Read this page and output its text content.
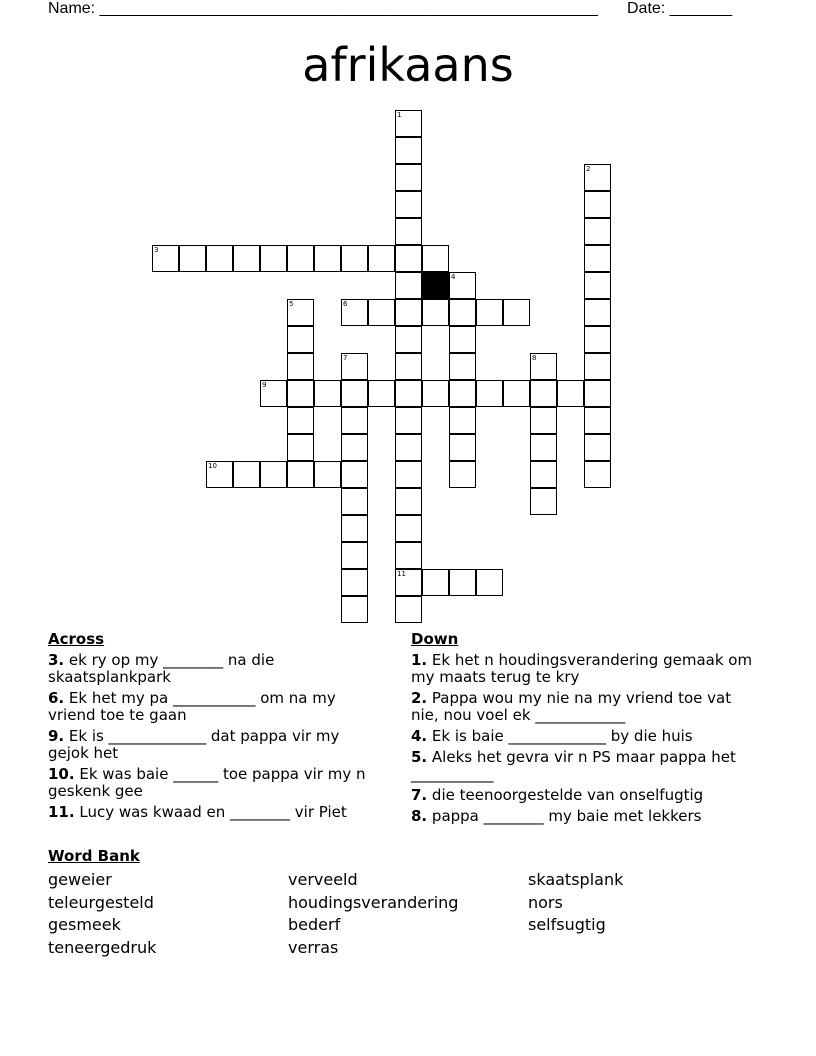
Name: ________________________________________________________ Date: _______
afrikaans
1
11
2
3
4
5	6
7	8
9
10
Across
3. ek ry op my ________ na die skaatsplankpark
6. Ek het my pa ___________ om na my vriend toe te gaan
9. Ek is _____________ dat pappa vir my gejok het
10. Ek was baie ______ toe pappa vir my n geskenk gee
11. Lucy was kwaad en ________ vir Piet
Down
1. Ek het n houdingsverandering gemaak om my maats terug te kry
2. Pappa wou my nie na my vriend toe vat nie, nou voel ek ____________
4. Ek is baie _____________ by die huis
5. Aleks het gevra vir n PS maar pappa het ___________
7. die teenoorgestelde van onselfugtig
8. pappa ________ my baie met lekkers
Word Bank
geweier
teleurgesteld
gesmeek
teneergedruk
verveeld
houdingsverandering
bederf
verras
skaatsplank
nors
selfsugtig
